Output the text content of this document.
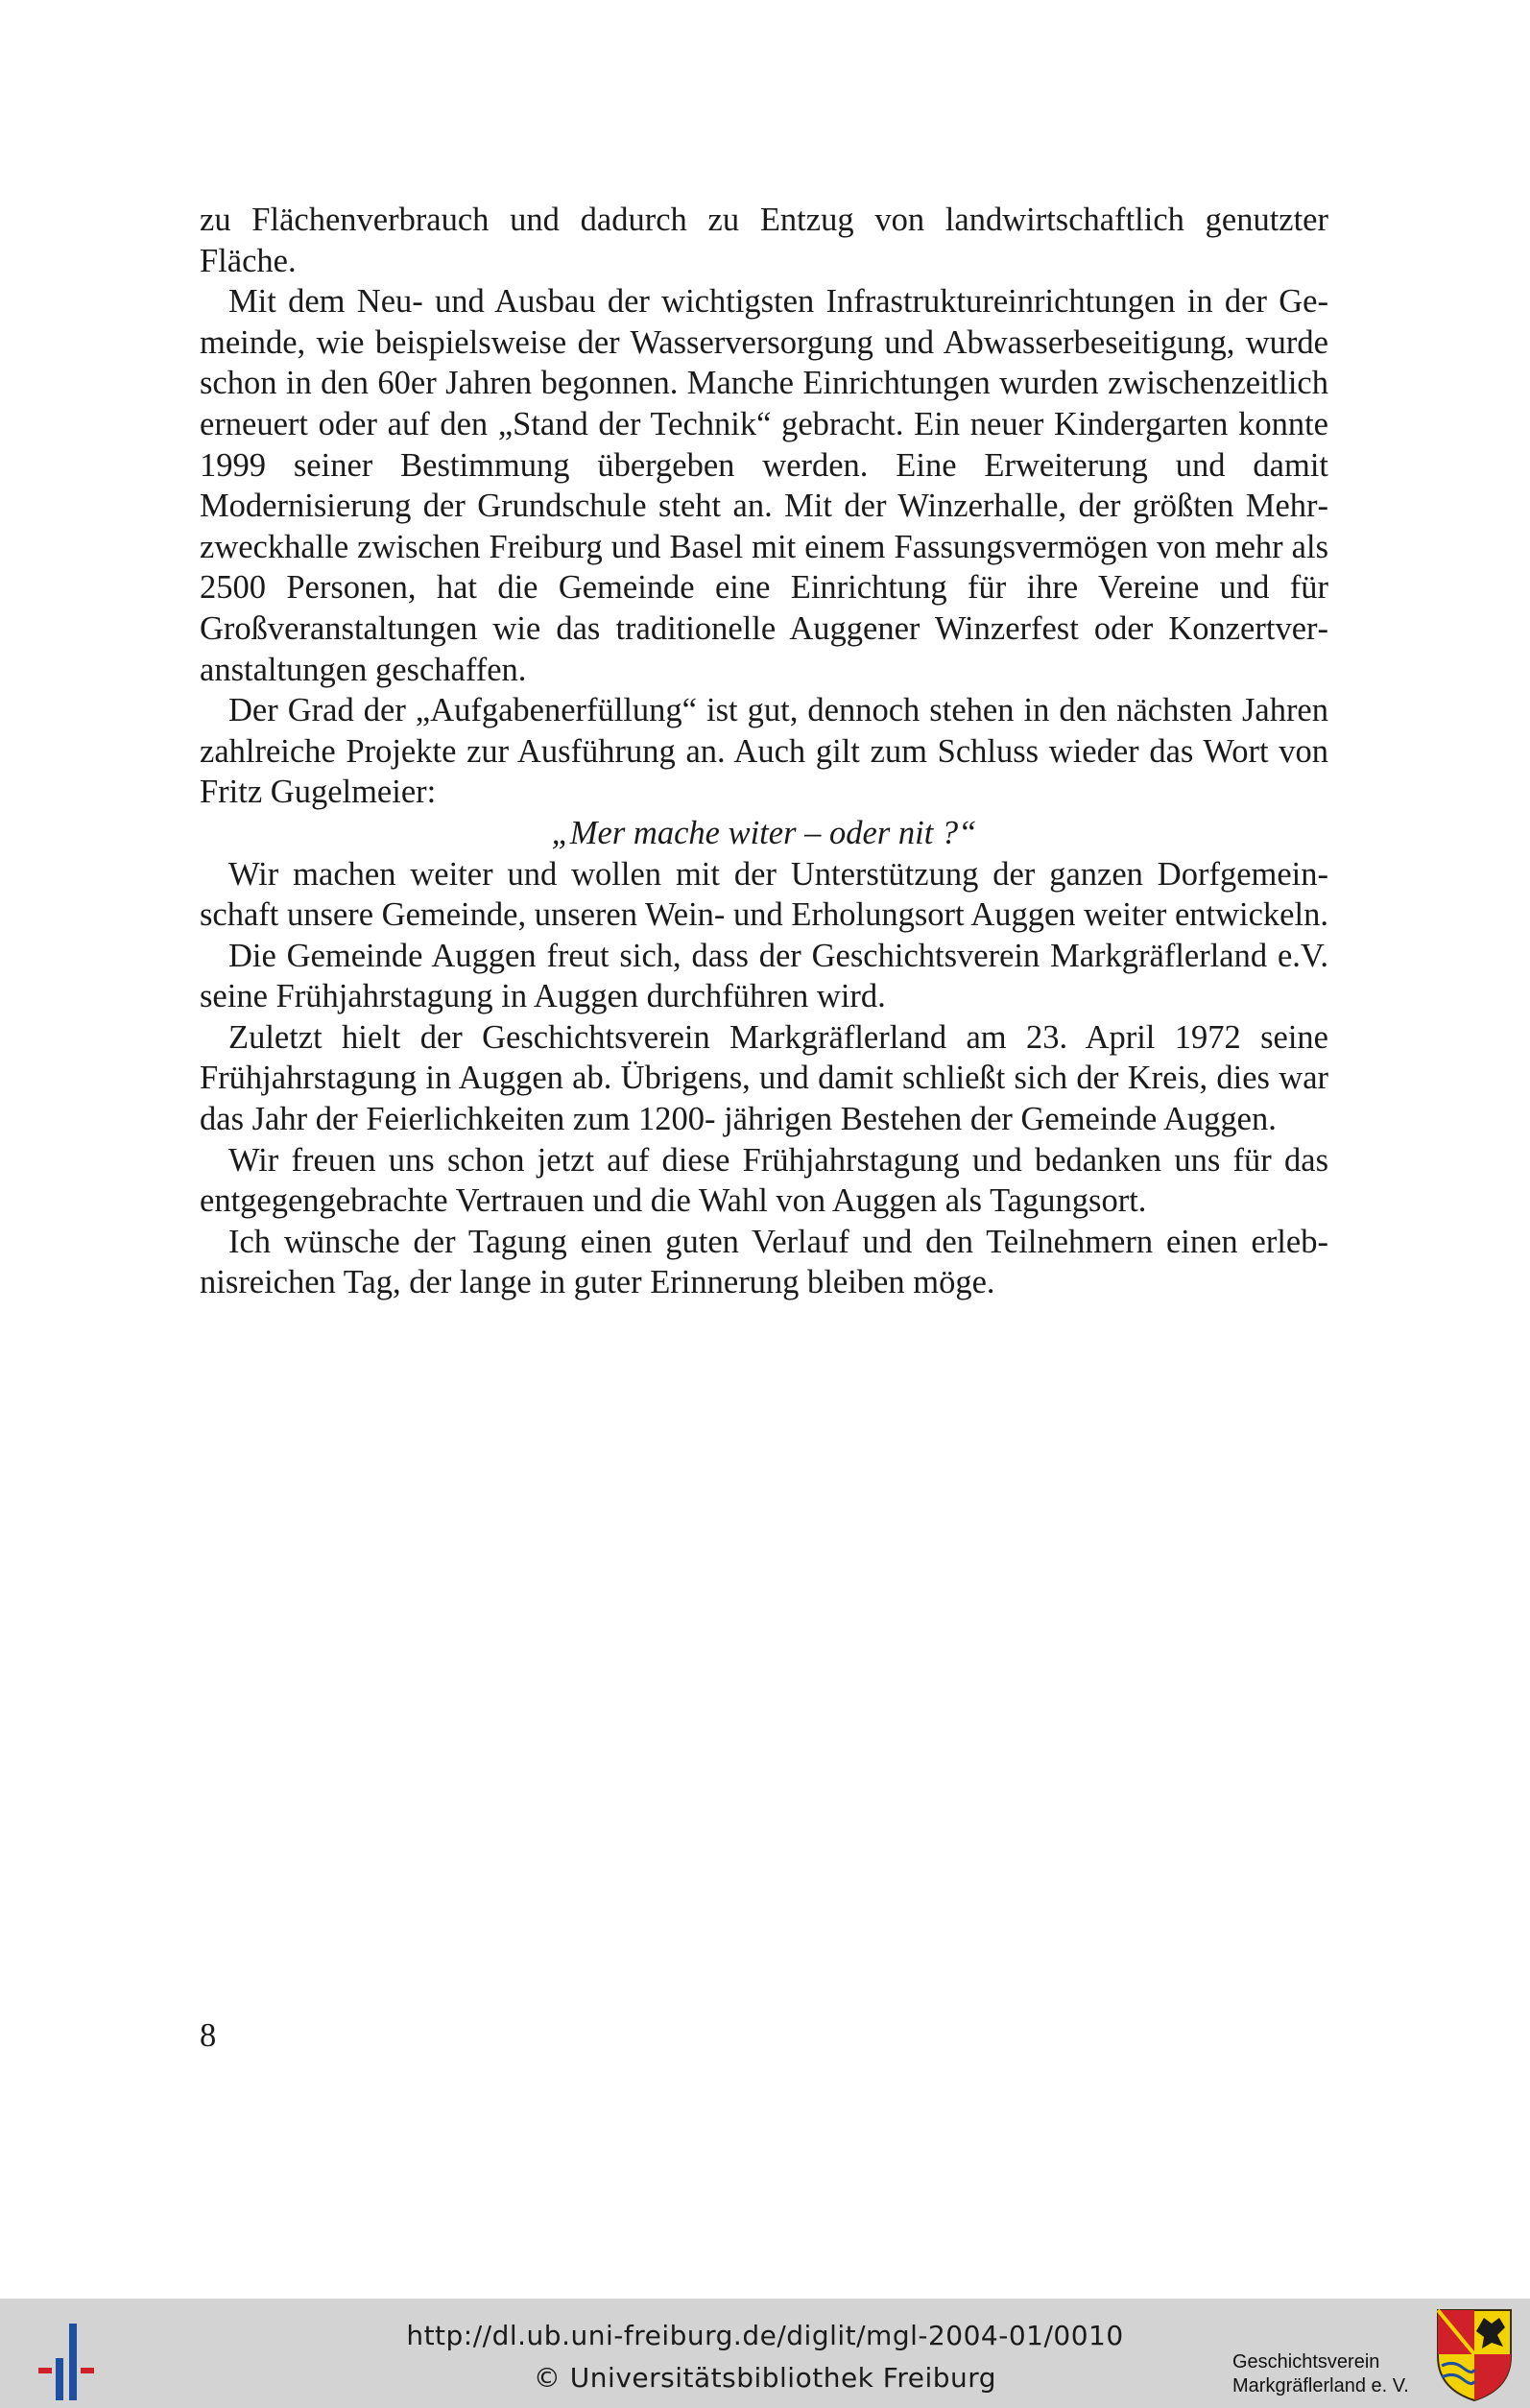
zu Flächenverbrauch und dadurch zu Entzug von landwirtschaftlich genutzter Fläche.

Mit dem Neu- und Ausbau der wichtigsten Infrastruktureinrichtungen in der Gemeinde, wie beispielsweise der Wasserversorgung und Abwasserbeseitigung, wurde schon in den 60er Jahren begonnen. Manche Einrichtungen wurden zwischenzeitlich erneuert oder auf den „Stand der Technik“ gebracht. Ein neuer Kindergarten konnte 1999 seiner Bestimmung übergeben werden. Eine Erweiterung und damit Modernisierung der Grundschule steht an. Mit der Winzerhalle, der größten Mehrzweckhalle zwischen Freiburg und Basel mit einem Fassungsvermögen von mehr als 2500 Personen, hat die Gemeinde eine Einrichtung für ihre Vereine und für Großveranstaltungen wie das traditionelle Auggener Winzerfest oder Konzertveranstaltungen geschaffen.

Der Grad der „Aufgabenerfüllung“ ist gut, dennoch stehen in den nächsten Jahren zahlreiche Projekte zur Ausführung an. Auch gilt zum Schluss wieder das Wort von Fritz Gugelmeier:

„Mer mache witer – oder nit ?“

Wir machen weiter und wollen mit der Unterstützung der ganzen Dorfgemeinschaft unsere Gemeinde, unseren Wein- und Erholungsort Auggen weiter entwickeln.

Die Gemeinde Auggen freut sich, dass der Geschichtsverein Markgräflerland e.V. seine Frühjahrstagung in Auggen durchführen wird.

Zuletzt hielt der Geschichtsverein Markgräflerland am 23. April 1972 seine Frühjahrstagung in Auggen ab. Übrigens, und damit schließt sich der Kreis, dies war das Jahr der Feierlichkeiten zum 1200- jährigen Bestehen der Gemeinde Auggen.

Wir freuen uns schon jetzt auf diese Frühjahrstagung und bedanken uns für das entgegengebrachte Vertrauen und die Wahl von Auggen als Tagungsort.

Ich wünsche der Tagung einen guten Verlauf und den Teilnehmern einen erlebnisreichen Tag, der lange in guter Erinnerung bleiben möge.

8
http://dl.ub.uni-freiburg.de/diglit/mgl-2004-01/0010
© Universitätsbibliothek Freiburg	Geschichtsverein
Markgräflerland e. V.
